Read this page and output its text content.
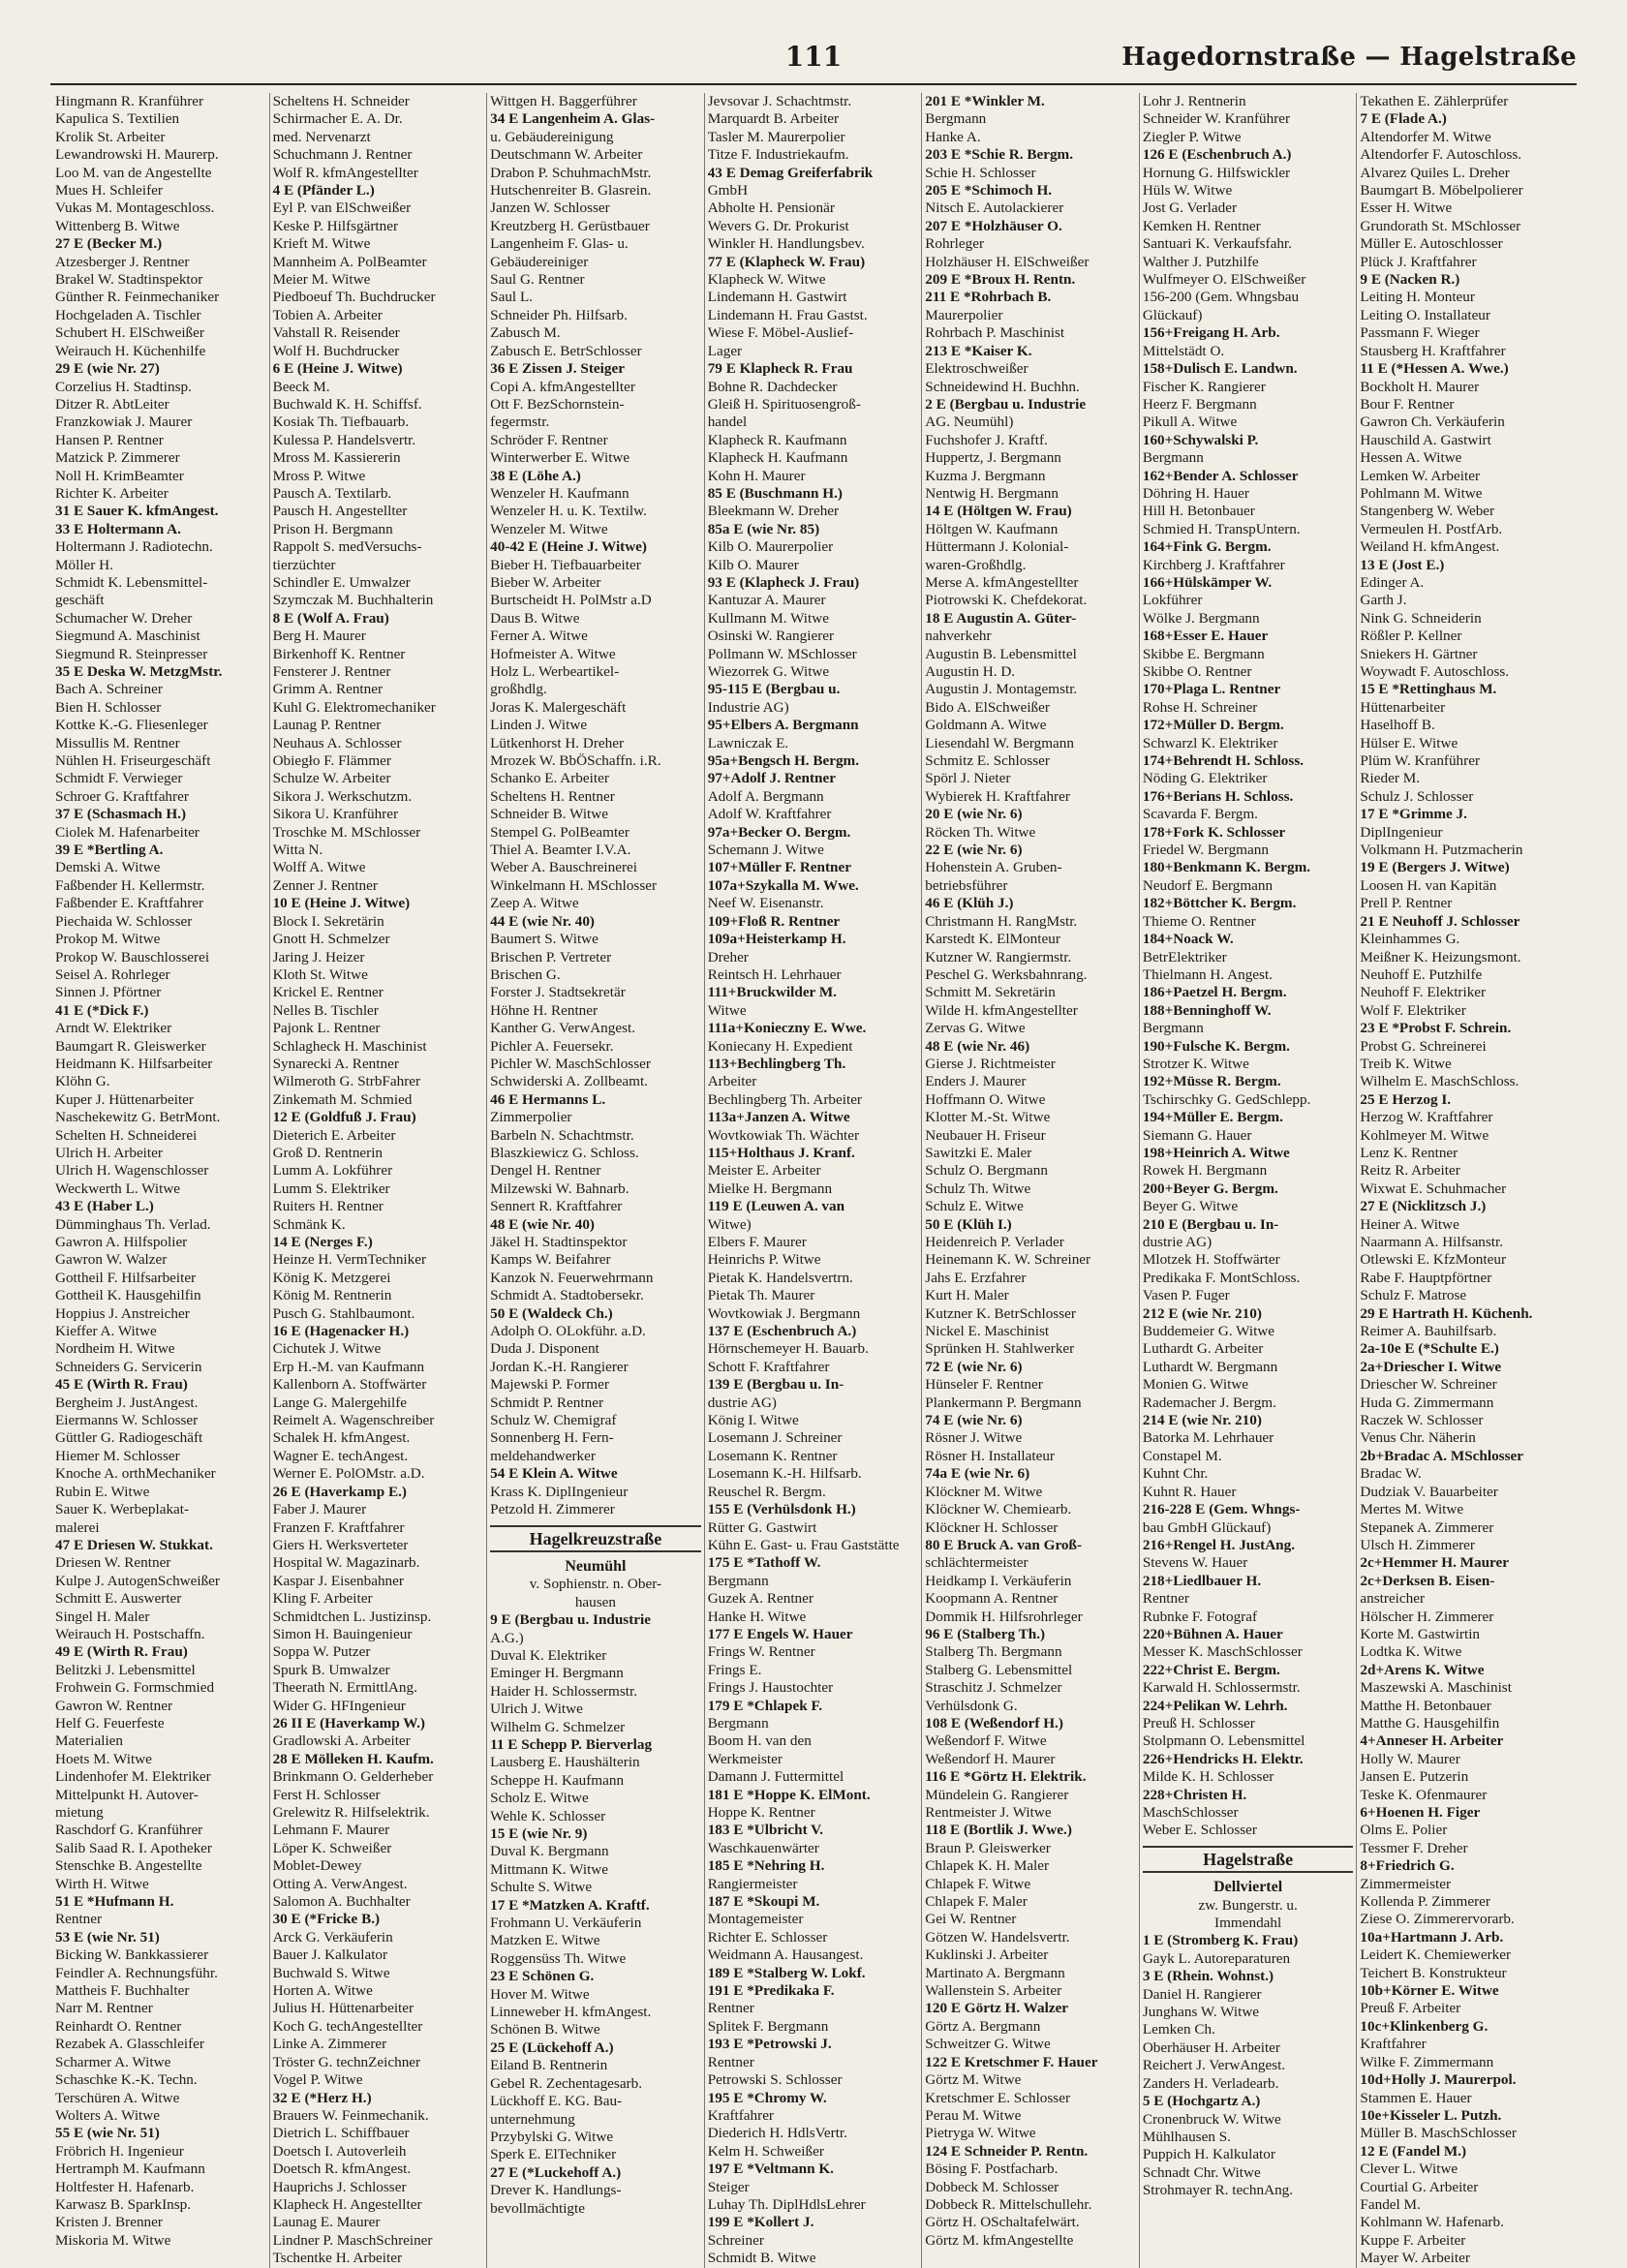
111	Hagedornstraße — Hagelstraße
Hingmann R. Kranführer
Kapulica S. Textilien
Krolik St. Arbeiter
Lewandrowski H. Maurerp.
Loo M. van de Angestellte
Mues H. Schleifer
Vukas M. Montageschloss.
Wittenberg B. Witwe
27 E (Becker M.)
Atzesberger J. Rentner
Brakel W. Stadtinspektor
Günther R. Feinmechaniker
Hochgeladen A. Tischler
Schubert H. ElSchweißer
Weirauch H. Küchenhilfe
29 E (wie Nr. 27)
Corzelius H. Stadtinsp.
Ditzer R. AbtLeiter
Franzkowiak J. Maurer
Hansen P. Rentner
Matzick P. Zimmerer
Noll H. KrimBeamter
Richter K. Arbeiter
31 E Sauer K. kfmAngest.
33 E Holtermann A.
Holtermann J. Radiotechn.
Möller H.
Schmidt K. Lebensmittel-
geschäft
Schumacher W. Dreher
Siegmund A. Maschinist
Siegmund R. Steinpresser
35 E Deska W. MetzgMstr.
Bach A. Schreiner
Bien H. Schlosser
Kottke K.-G. Fliesenleger
Missullis M. Rentner
Nühlen H. Friseurgeschäft
Schmidt F. Verwieger
Schroer G. Kraftfahrer
37 E (Schasmach H.)
Ciolek M. Hafenarbeiter
39 E *Bertling A.
Demski A. Witwe
Faßbender H. Kellermstr.
Faßbender E. Kraftfahrer
Piechaida W. Schlosser
Prokop M. Witwe
Prokop W. Bauschlosserei
Seisel A. Rohrleger
Sinnen J. Pförtner
41 E (*Dick F.)
Arndt W. Elektriker
Baumgart R. Gleiswerker
Heidmann K. Hilfsarbeiter
Klöhn G.
Kuper J. Hüttenarbeiter
Naschekewitz G. BetrMont.
Schelten H. Schneiderei
Ulrich H. Arbeiter
Ulrich H. Wagenschlosser
Weckwerth L. Witwe
43 E (Haber L.)
Dümminghaus Th. Verlad.
Gawron A. Hilfspolier
Gawron W. Walzer
Gottheil F. Hilfsarbeiter
Gottheil K. Hausgehilfin
Hoppius J. Anstreicher
Kieffer A. Witwe
Nordheim H. Witwe
Schneiders G. Servicerin
45 E (Wirth R. Frau)
Bergheim J. JustAngest.
Eiermanns W. Schlosser
Güttler G. Radiogeschäft
Hiemer M. Schlosser
Knoche A. orthMechaniker
Rubin E. Witwe
Sauer K. Werbeplakat-
malerei
47 E Driesen W. Stukkat.
Driesen W. Rentner
Kulpe J. AutogenSchweißer
Schmitt E. Auswerter
Singel H. Maler
Weirauch H. Postschaffn.
49 E (Wirth R. Frau)
Belitzki J. Lebensmittel
Frohwein G. Formschmied
Gawron W. Rentner
Helf G. Feuerfeste
Materialien
Hoets M. Witwe
Lindenhofer M. Elektriker
Mittelpunkt H. Autover-
mietung
Raschdorf G. Kranführer
Salib Saad R. I. Apotheker
Stenschke B. Angestellte
Wirth H. Witwe
51 E *Hufmann H.
Rentner
53 E (wie Nr. 51)
Bicking W. Bankkassierer
Feindler A. Rechnungsführ.
Mattheis F. Buchhalter
Narr M. Rentner
Reinhardt O. Rentner
Rezabek A. Glasschleifer
Scharmer A. Witwe
Schaschke K.-K. Techn.
Terschüren A. Witwe
Wolters A. Witwe
55 E (wie Nr. 51)
Fröbrich H. Ingenieur
Hertramph M. Kaufmann
Holtfester H. Hafenarb.
Karwasz B. SparkInsp.
Kristen J. Brenner
Miskoria M. Witwe
Scheltens H. Schneider
Schirmacher E. A. Dr.
med. Nervenarzt
Schuchmann J. Rentner
Wolf R. kfmAngestellter
4 E (Pfänder L.)
Eyl P. van ElSchweißer
Keske P. Hilfsgärtner
Krieft M. Witwe
Mannheim A. PolBeamter
Meier M. Witwe
Piedboeuf Th. Buchdrucker
Tobien A. Arbeiter
Vahstall R. Reisender
Wolf H. Buchdrucker
6 E (Heine J. Witwe)
Beeck M.
Buchwald K. H. Schiffsf.
Kosiak Th. Tiefbauarb.
Kulessa P. Handelsvertr.
Mross M. Kassiererin
Mross P. Witwe
Pausch A. Textilarb.
Pausch H. Angestellter
Prison H. Bergmann
Rappolt S. medVersuchs-
tierzüchter
Schindler E. Umwalzer
Szymczak M. Buchhalterin
8 E (Wolf A. Frau)
Berg H. Maurer
Birkenhoff K. Rentner
Fensterer J. Rentner
Grimm A. Rentner
Kuhl G. Elektromechaniker
Launag P. Rentner
Neuhaus A. Schlosser
Obiegło F. Flämmer
Schulze W. Arbeiter
Sikora J. Werkschutzm.
Sikora U. Kranführer
Troschke M. MSchlosser
Witta N.
Wolff A. Witwe
Zenner J. Rentner
10 E (Heine J. Witwe)
Block I. Sekretärin
Gnott H. Schmelzer
Jaring J. Heizer
Kloth St. Witwe
Krickel E. Rentner
Nelles B. Tischler
Pajonk L. Rentner
Schlagheck H. Maschinist
Synarecki A. Rentner
Wilmeroth G. StrbFahrer
Zinkemath M. Schmied
12 E (Goldfuß J. Frau)
Dieterich E. Arbeiter
Groß D. Rentnerin
Lumm A. Lokführer
Lumm S. Elektriker
Ruiters H. Rentner
Schmänk K.
14 E (Nerges F.)
Heinze H. VermTechniker
König K. Metzgerei
König M. Rentnerin
Pusch G. Stahlbaumont.
16 E (Hagenacker H.)
Cichutek J. Witwe
Erp H.-M. van Kaufmann
Kallenborn A. Stoffwärter
Lange G. Malergehilfe
Reimelt A. Wagenschreiber
Schalek H. kfmAngest.
Wagner E. techAngest.
Werner E. PolOMstr. a.D.
26 E (Haverkamp E.)
Faber J. Maurer
Franzen F. Kraftfahrer
Giers H. Werksverteter
Hospital W. Magazinarb.
Kaspar J. Eisenbahner
Kling F. Arbeiter
Schmidtchen L. Justizinsp.
Simon H. Bauingenieur
Soppa W. Putzer
Spurk B. Umwalzer
Theerath N. ErmittlAng.
Wider G. HFIngenieur
26 II E (Haverkamp W.)
Gradlowski A. Arbeiter
28 E Mölleken H. Kaufm.
Brinkmann O. Gelderheber
Ferst H. Schlosser
Grelewitz R. Hilfselektrik.
Lehmann F. Maurer
Löper K. Schweißer
Moblet-Dewey
Otting A. VerwAngest.
Salomon A. Buchhalter
30 E (*Fricke B.)
Arck G. Verkäuferin
Bauer J. Kalkulator
Buchwald S. Witwe
Horten A. Witwe
Julius H. Hüttenarbeiter
Koch G. techAngestellter
Linke A. Zimmerer
Tröster G. technZeichner
Vogel P. Witwe
32 E (*Herz H.)
Brauers W. Feinmechanik.
Dietrich L. Schiffbauer
Doetsch I. Autoverleih
Doetsch R. kfmAngest.
Hauprichs J. Schlosser
Klapheck H. Angestellter
Launag E. Maurer
Lindner P. MaschSchreiner
Tschentke H. Arbeiter
Wittgen H. Baggerführer
34 E Langenheim A. Glas-
u. Gebäudereinigung
Deutschmann W. Arbeiter
Drabon P. SchuhmachMstr.
Hutschenreiter B. Glasrein.
Janzen W. Schlosser
Kreutzberg H. Gerüstbauer
Langenheim F. Glas- u.
Gebäudereiniger
Saul G. Rentner
Saul L.
Schneider Ph. Hilfsarb.
Zabusch M.
Zabusch E. BetrSchlosser
36 E Zissen J. Steiger
Copi A. kfmAngestellter
Ott F. BezSchornstein-
fegermstr.
Schröder F. Rentner
Winterwerber E. Witwe
38 E (Löhe A.)
Wenzeler H. Kaufmann
Wenzeler H. u. K. Textilw.
Wenzeler M. Witwe
40-42 E (Heine J. Witwe)
Bieber H. Tiefbauarbeiter
Bieber W. Arbeiter
Burtscheidt H. PolMstr a.D
Daus B. Witwe
Ferner A. Witwe
Hofmeister A. Witwe
Holz L. Werbeartikel-
großhdlg.
Joras K. Malergeschäft
Linden J. Witwe
Lütkenhorst H. Dreher
Mrozek W. BbÖSchaffn. i.R.
Schanko E. Arbeiter
Scheltens H. Rentner
Schneider B. Witwe
Stempel G. PolBeamter
Thiel A. Beamter I.V.A.
Weber A. Bauschreinerei
Winkelmann H. MSchlosser
Zeep A. Witwe
44 E (wie Nr. 40)
Baumert S. Witwe
Brischen P. Vertreter
Brischen G.
Forster J. Stadtsekretär
Höhne H. Rentner
Kanther G. VerwAngest.
Pichler A. Feuersekr.
Pichler W. MaschSchlosser
Schwiderski A. Zollbeamt.
46 E Hermanns L.
Zimmerpolier
Barbeln N. Schachtmstr.
Blaszkiewicz G. Schloss.
Dengel H. Rentner
Milzewski W. Bahnarb.
Sennert R. Kraftfahrer
48 E (wie Nr. 40)
Jäkel H. Stadtinspektor
Kamps W. Beifahrer
Kanzok N. Feuerwehrmann
Schmidt A. Stadtobersekr.
50 E (Waldeck Ch.)
Adolph O. OLokführ. a.D.
Duda J. Disponent
Jordan K.-H. Rangierer
Majewski P. Former
Schmidt P. Rentner
Schulz W. Chemigraf
Sonnenberg H. Fern-
meldehandwerker
54 E Klein A. Witwe
Krass K. DiplIngenieur
Petzold H. Zimmerer
Hagelkreuzstraße
Neumühl
v. Sophienstr. n. Ober-
hausen
9 E (Bergbau u. Industrie
A.G.)
Duval K. Elektriker
Eminger H. Bergmann
Haider H. Schlossermstr.
Ulrich J. Witwe
Wilhelm G. Schmelzer
11 E Schepp P. Bierverlag
Lausberg E. Haushälterin
Scheppe H. Kaufmann
Scholz E. Witwe
Wehle K. Schlosser
15 E (wie Nr. 9)
Duval K. Bergmann
Mittmann K. Witwe
Schulte S. Witwe
17 E *Matzken A. Kraftf.
Frohmann U. Verkäuferin
Matzken E. Witwe
Roggensüss Th. Witwe
23 E Schönen G.
Hover M. Witwe
Linneweber H. kfmAngest.
Schönen B. Witwe
25 E (Lückehoff A.)
Eiland B. Rentnerin
Gebel R. Zechentagesarb.
Lückhoff E. KG. Bau-
unternehmung
Przybylski G. Witwe
Sperk E. ElTechniker
27 E (*Luckehoff A.)
Drever K. Handlungs-
bevollmächtigte
Jevsovar J. Schachtmstr.
Marquardt B. Arbeiter
Tasler M. Maurerpolier
Titze F. Industriekaufm.
43 E Demag Greiferfabrik
GmbH
Abholte H. Pensionär
Wevers G. Dr. Prokurist
Winkler H. Handlungsbev.
77 E (Klapheck W. Frau)
Klapheck W. Witwe
Lindemann H. Gastwirt
Lindemann H. Frau Gastst.
Wiese F. Möbel-Auslief-
Lager
79 E Klapheck R. Frau
Bohne R. Dachdecker
Gleiß H. Spirituosengroß-
handel
Klapheck R. Kaufmann
Klapheck H. Kaufmann
Kohn H. Maurer
85 E (Buschmann H.)
Bleekmann W. Dreher
85a E (wie Nr. 85)
Kilb O. Maurerpolier
Kilb O. Maurer
93 E (Klapheck J. Frau)
Kantuzar A. Maurer
Kullmann M. Witwe
Osinski W. Rangierer
Pollmann W. MSchlosser
Wiezorrek G. Witwe
95-115 E (Bergbau u.
Industrie AG)
95+Elbers A. Bergmann
Lawniczak E.
95a+Bengsch H. Bergm.
97+Adolf J. Rentner
Adolf A. Bergmann
Adolf W. Kraftfahrer
97a+Becker O. Bergm.
Schemann J. Witwe
107+Müller F. Rentner
107a+Szykalla M. Wwe.
Neef W. Eisenanstr.
109+Floß R. Rentner
109a+Heisterkamp H.
Dreher
Reintsch H. Lehrhauer
111+Bruckwilder M.
Witwe
111a+Konieczny E. Wwe.
Koniecany H. Expedient
113+Bechlingberg Th.
Arbeiter
Bechlingberg Th. Arbeiter
113a+Janzen A. Witwe
Wovtkowiak Th. Wächter
115+Holthaus J. Kranf.
Meister E. Arbeiter
Mielke H. Bergmann
119 E (Leuwen A. van
Witwe)
Elbers F. Maurer
Heinrichs P. Witwe
Pietak K. Handelsvertrn.
Pietak Th. Maurer
Wovtkowiak J. Bergmann
137 E (Eschenbruch A.)
Hörnschemeyer H. Bauarb.
Schott F. Kraftfahrer
139 E (Bergbau u. In-
dustrie AG)
König I. Witwe
Losemann J. Schreiner
Losemann K. Rentner
Losemann K.-H. Hilfsarb.
Reuschel R. Bergm.
155 E (Verhülsdonk H.)
Rütter G. Gastwirt
Kühn E. Gast- u. Frau Gaststätte
175 E *Tathoff W.
Bergmann
Guzek A. Rentner
Hanke H. Witwe
177 E Engels W. Hauer
Frings W. Rentner
Frings E.
Frings J. Haustochter
179 E *Chlapek F.
Bergmann
Boom H. van den
Werkmeister
Damann J. Futtermittel
181 E *Hoppe K. ElMont.
Hoppe K. Rentner
183 E *Ulbricht V.
Waschkauenwärter
185 E *Nehring H.
Rangiermeister
187 E *Skoupi M.
Montagemeister
Richter E. Schlosser
Weidmann A. Hausangest.
189 E *Stalberg W. Lokf.
191 E *Predikaka F.
Rentner
Splitek F. Bergmann
193 E *Petrowski J.
Rentner
Petrowski S. Schlosser
195 E *Chromy W.
Kraftfahrer
Diederich H. HdlsVertr.
Kelm H. Schweißer
197 E *Veltmann K.
Steiger
Luhay Th. DiplHdlsLehrer
199 E *Kollert J.
Schreiner
Schmidt B. Witwe
201 E *Winkler M.
Bergmann
Hanke A.
203 E *Schie R. Bergm.
Schie H. Schlosser
205 E *Schimoch H.
Nitsch E. Autolackierer
207 E *Holzhäuser O.
Rohrleger
Holzhäuser H. ElSchweißer
209 E *Broux H. Rentn.
211 E *Rohrbach B.
Maurerpolier
Rohrbach P. Maschinist
213 E *Kaiser K.
Elektroschweißer
Schneidewind H. Buchhn.
2 E (Bergbau u. Industrie
AG. Neumühl)
Fuchshofer J. Kraftf.
Huppertz, J. Bergmann
Kuzma J. Bergmann
Nentwig H. Bergmann
14 E (Höltgen W. Frau)
Höltgen W. Kaufmann
Hüttermann J. Kolonial-
waren-Großhdlg.
Merse A. kfmAngestellter
Piotrowski K. Chefdekorat.
18 E Augustin A. Güter-
nahverkehr
Augustin B. Lebensmittel
Augustin H. D.
Augustin J. Montagemstr.
Bido A. ElSchweißer
Goldmann A. Witwe
Liesendahl W. Bergmann
Schmitz E. Schlosser
Spörl J. Nieter
Wybierek H. Kraftfahrer
20 E (wie Nr. 6)
Röcken Th. Witwe
22 E (wie Nr. 6)
Hohenstein A. Gruben-
betriebsführer
46 E (Klüh J.)
Christmann H. RangMstr.
Karstedt K. ElMonteur
Kutzner W. Rangiermstr.
Peschel G. Werksbahnrang.
Schmitt M. Sekretärin
Wilde H. kfmAngestellter
Zervas G. Witwe
48 E (wie Nr. 46)
Gierse J. Richtmeister
Enders J. Maurer
Hoffmann O. Witwe
Klotter M.-St. Witwe
Neubauer H. Friseur
Sawitzki E. Maler
Schulz O. Bergmann
Schulz Th. Witwe
Schulz E. Witwe
50 E (Klüh I.)
Heidenreich P. Verlader
Heinemann K. W. Schreiner
Jahs E. Erzfahrer
Kurt H. Maler
Kutzner K. BetrSchlosser
Nickel E. Maschinist
Sprünken H. Stahlwerker
72 E (wie Nr. 6)
Hünseler F. Rentner
Plankermann P. Bergmann
74 E (wie Nr. 6)
Rösner J. Witwe
Rösner H. Installateur
74a E (wie Nr. 6)
Klöckner M. Witwe
Klöckner W. Chemiearb.
Klöckner H. Schlosser
80 E Bruck A. van Groß-
schlächtermeister
Heidkamp I. Verkäuferin
Koopmann A. Rentner
Dommik H. Hilfsrohrleger
96 E (Stalberg Th.)
Stalberg Th. Bergmann
Stalberg G. Lebensmittel
Straschitz J. Schmelzer
Verhülsdonk G.
108 E (Weßendorf H.)
Weßendorf F. Witwe
Weßendorf H. Maurer
116 E *Görtz H. Elektrik.
Mündelein G. Rangierer
Rentmeister J. Witwe
118 E (Bortlik J. Wwe.)
Braun P. Gleiswerker
Chlapek K. H. Maler
Chlapek F. Witwe
Chlapek F. Maler
Gei W. Rentner
Götzen W. Handelsvertr.
Kuklinski J. Arbeiter
Martinato A. Bergmann
Wallenstein S. Arbeiter
120 E Görtz H. Walzer
Görtz A. Bergmann
Schweitzer G. Witwe
122 E Kretschmer F. Hauer
Görtz M. Witwe
Kretschmer E. Schlosser
Perau M. Witwe
Pietryga W. Witwe
124 E Schneider P. Rentn.
Bösing F. Postfacharb.
Dobbeck M. Schlosser
Dobbeck R. Mittelschullehr.
Görtz H. OSchaltafelwärt.
Görtz M. kfmAngestellte
Lohr J. Rentnerin
Schneider W. Kranführer
Ziegler P. Witwe
126 E (Eschenbruch A.)
Hornung G. Hilfswickler
Hüls W. Witwe
Jost G. Verlader
Kemken H. Rentner
Santuari K. Verkaufsfahr.
Walther J. Putzhilfe
Wulfmeyer O. ElSchweißer
156-200 (Gem. Whngsbau
Glückauf)
156+Freigang H. Arb.
Mittelstädt O.
158+Dulisch E. Landwn.
Fischer K. Rangierer
Heerz F. Bergmann
Pikull A. Witwe
160+Schywalski P.
Bergmann
162+Bender A. Schlosser
Döhring H. Hauer
Hill H. Betonbauer
Schmied H. TranspUntern.
164+Fink G. Bergm.
Kirchberg J. Kraftfahrer
166+Hülskämper W.
Lokführer
Wölke J. Bergmann
168+Esser E. Hauer
Skibbe E. Bergmann
Skibbe O. Rentner
170+Plaga L. Rentner
Rohse H. Schreiner
172+Müller D. Bergm.
Schwarzl K. Elektriker
174+Behrendt H. Schloss.
Nöding G. Elektriker
176+Berians H. Schloss.
Scavarda F. Bergm.
178+Fork K. Schlosser
Friedel W. Bergmann
180+Benkmann K. Bergm.
Neudorf E. Bergmann
182+Böttcher K. Bergm.
Thieme O. Rentner
184+Noack W.
BetrElektriker
Thielmann H. Angest.
186+Paetzel H. Bergm.
188+Benninghoff W.
Bergmann
190+Fulsche K. Bergm.
Strotzer K. Witwe
192+Müsse R. Bergm.
Tschirschky G. GedSchlepp.
194+Müller E. Bergm.
Siemann G. Hauer
198+Heinrich A. Witwe
Rowek H. Bergmann
200+Beyer G. Bergm.
Beyer G. Witwe
210 E (Bergbau u. In-
dustrie AG)
Mlotzek H. Stoffwärter
Predikaka F. MontSchloss.
Vasen P. Fuger
212 E (wie Nr. 210)
Buddemeier G. Witwe
Luthardt G. Arbeiter
Luthardt W. Bergmann
Monien G. Witwe
Rademacher J. Bergm.
214 E (wie Nr. 210)
Batorka M. Lehrhauer
Constapel M.
Kuhnt Chr.
Kuhnt R. Hauer
216-228 E (Gem. Whngs-
bau GmbH Glückauf)
216+Rengel H. JustAng.
Stevens W. Hauer
218+Liedlbauer H.
Rentner
Rubnke F. Fotograf
220+Bühnen A. Hauer
Messer K. MaschSchlosser
222+Christ E. Bergm.
Karwald H. Schlossermstr.
224+Pelikan W. Lehrh.
Preuß H. Schlosser
Stolpmann O. Lebensmittel
226+Hendricks H. Elektr.
Milde K. H. Schlosser
228+Christen H.
MaschSchlosser
Weber E. Schlosser
Hagelstraße
Dellviertel
zw. Bungerstr. u.
Immendahl
1 E (Stromberg K. Frau)
Gayk L. Autoreparaturen
3 E (Rhein. Wohnst.)
Daniel H. Rangierer
Junghans W. Witwe
Lemken Ch.
Oberhäuser H. Arbeiter
Reichert J. VerwAngest.
Zanders H. Verladearb.
5 E (Hochgartz A.)
Cronenbruck W. Witwe
Mühlhausen S.
Puppich H. Kalkulator
Schnadt Chr. Witwe
Strohmayer R. technAng.
Tekathen E. Zählerprüfer
7 E (Flade A.)
Altendorfer M. Witwe
Altendorfer F. Autoschloss.
Alvarez Quiles L. Dreher
Baumgart B. Möbelpolierer
Esser H. Witwe
Grundorath St. MSchlosser
Müller E. Autoschlosser
Plück J. Kraftfahrer
9 E (Nacken R.)
Leiting H. Monteur
Leiting O. Installateur
Passmann F. Wieger
Stausberg H. Kraftfahrer
11 E (*Hessen A. Wwe.)
Bockholt H. Maurer
Bour F. Rentner
Gawron Ch. Verkäuferin
Hauschild A. Gastwirt
Hessen A. Witwe
Lemken W. Arbeiter
Pohlmann M. Witwe
Stangenberg W. Weber
Vermeulen H. PostfArb.
Weiland H. kfmAngest.
13 E (Jost E.)
Edinger A.
Garth J.
Nink G. Schneiderin
Rößler P. Kellner
Sniekers H. Gärtner
Woywadt F. Autoschloss.
15 E *Rettinghaus M.
Hüttenarbeiter
Haselhoff B.
Hülser E. Witwe
Plüm W. Kranführer
Rieder M.
Schulz J. Schlosser
17 E *Grimme J.
DiplIngenieur
Volkmann H. Putzmacherin
19 E (Bergers J. Witwe)
Loosen H. van Kapitän
Prell P. Rentner
21 E Neuhoff J. Schlosser
Kleinhammes G.
Meißner K. Heizungsmont.
Neuhoff E. Putzhilfe
Neuhoff F. Elektriker
Wolf F. Elektriker
23 E *Probst F. Schrein.
Probst G. Schreinerei
Treib K. Witwe
Wilhelm E. MaschSchloss.
25 E Herzog I.
Herzog W. Kraftfahrer
Kohlmeyer M. Witwe
Lenz K. Rentner
Reitz R. Arbeiter
Wixwat E. Schuhmacher
27 E (Nicklitzsch J.)
Heiner A. Witwe
Naarmann A. Hilfsanstr.
Otlewski E. KfzMonteur
Rabe F. Hauptpförtner
Schulz F. Matrose
29 E Hartrath H. Küchenh.
Reimer A. Bauhilfsarb.
2a-10e E (*Schulte E.)
2a+Driescher I. Witwe
Driescher W. Schreiner
Huda G. Zimmermann
Raczek W. Schlosser
Venus Chr. Näherin
2b+Bradac A. MSchlosser
Bradac W.
Dudziak V. Bauarbeiter
Mertes M. Witwe
Stepanek A. Zimmerer
Ulsch H. Zimmerer
2c+Hemmer H. Maurer
2c+Derksen B. Eisen-
anstreicher
Hölscher H. Zimmerer
Korte M. Gastwirtin
Lodtka K. Witwe
2d+Arens K. Witwe
Maszewski A. Maschinist
Matthe H. Betonbauer
Matthe G. Hausgehilfin
4+Anneser H. Arbeiter
Holly W. Maurer
Jansen E. Putzerin
Teske K. Ofenmaurer
6+Hoenen H. Figer
Olms E. Polier
Tessmer F. Dreher
8+Friedrich G.
Zimmermeister
Kollenda P. Zimmerer
Ziese O. Zimmerervorarb.
10a+Hartmann J. Arb.
Leidert K. Chemiewerker
Teichert B. Konstrukteur
10b+Körner E. Witwe
Preuß F. Arbeiter
10c+Klinkenberg G.
Kraftfahrer
Wilke F. Zimmermann
10d+Holly J. Maurerpol.
Stammen E. Hauer
10e+Kisseler L. Putzh.
Müller B. MaschSchlosser
12 E (Fandel M.)
Clever L. Witwe
Courtial G. Arbeiter
Fandel M.
Kohlmann W. Hafenarb.
Kuppe F. Arbeiter
Mayer W. Arbeiter
